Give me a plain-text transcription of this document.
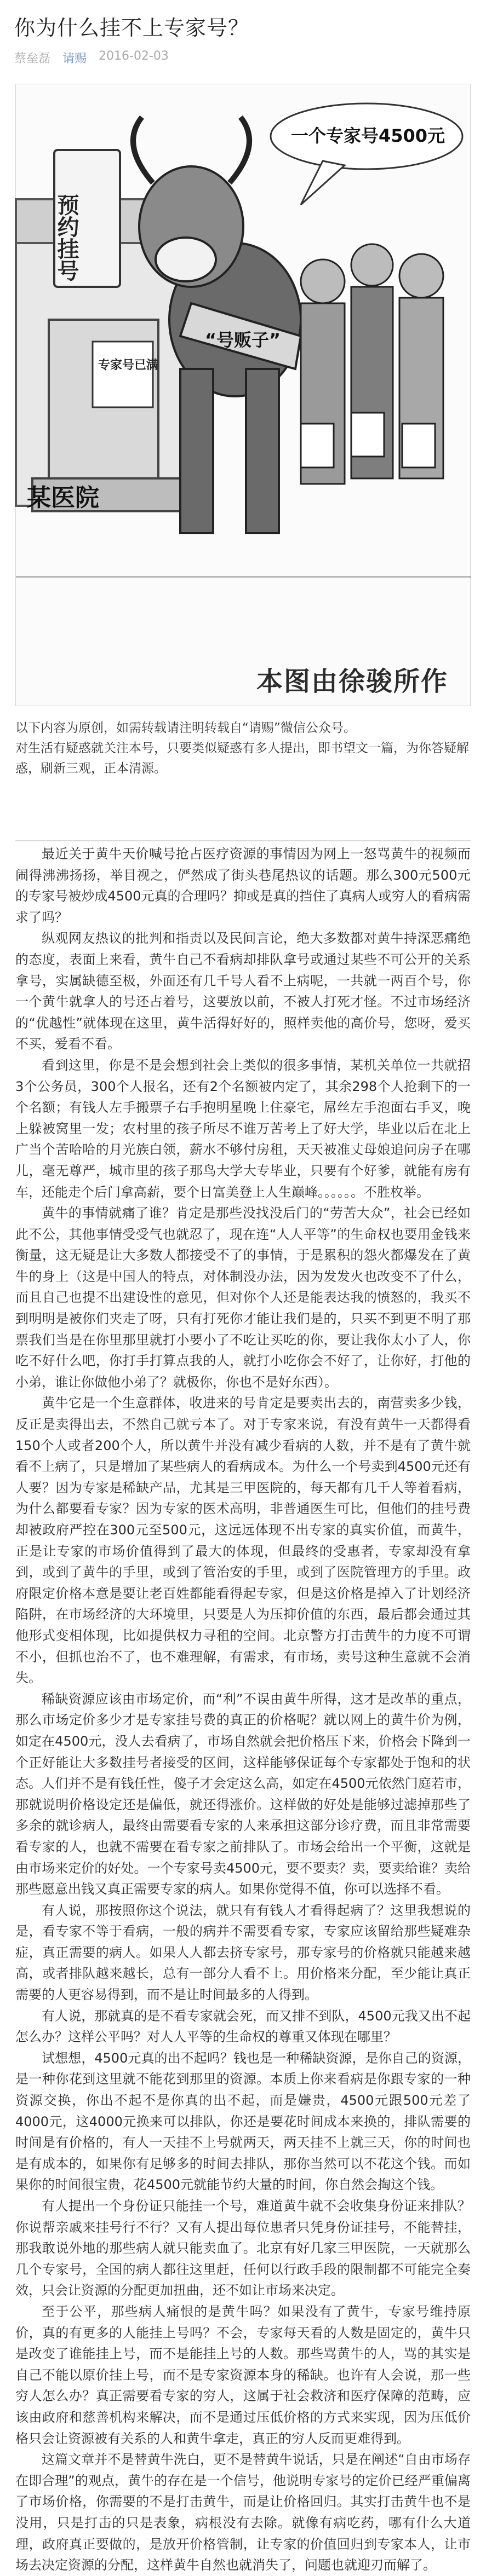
你为什么挂不上专家号？
蔡垒磊 请赐 2016-02-03
预约挂号
专家号已满
某医院
“号贩子”
一个专家号4500元
本图由徐骏所作

以下内容为原创，如需转载请注明转载自“请赐”微信公众号。

对生活有疑惑就关注本号，只要类似疑惑有多人提出，即书望文一篇，为你答疑解惑，刷新三观，正本清源。

最近关于黄牛天价喊号抢占医疗资源的事情因为网上一怒骂黄牛的视频而闹得沸沸扬扬，举目视之，俨然成了街头巷尾热议的话题。那么300元500元的专家号被炒成4500元真的合理吗？抑或是真的挡住了真病人或穷人的看病需求了吗？

纵观网友热议的批判和指责以及民间言论，绝大多数都对黄牛持深恶痛绝的态度，表面上来看，黄牛自己不看病却排队拿号或通过某些不可公开的关系拿号，实属缺德至极，外面还有几千号人看不上病呢，一共就一两百个号，你一个黄牛就拿人的号还占着号，这要放以前，不被人打死才怪。不过市场经济的“优越性”就体现在这里，黄牛活得好好的，照样卖他的高价号，您呀，爱买不买，爱看不看。

看到这里，你是不是会想到社会上类似的很多事情，某机关单位一共就招3个公务员，300个人报名，还有2个名额被内定了，其余298个人抢剩下的一个名额；有钱人左手搬票子右手抱明星晚上住豪宅，屌丝左手泡面右手叉，晚上躲被窝里一发；农村里的孩子所尽不谁万苦考上了好大学，毕业以后在北上广当个苦哈哈的月光族白领，薪水不够付房租，天天被准丈母娘追问房子在哪儿，毫无尊严，城市里的孩子那鸟大学大专毕业，只要有个好爹，就能有房有车，还能走个后门拿高薪，要个日富美登上人生巅峰。。。。。。不胜枚举。

黄牛的事情就痛了谁？肯定是那些没找没后门的“劳苦大众”，社会已经如此不公，其他事情受受气也就忍了，现在连“人人平等”的生命权也要用金钱来衡量，这无疑是让大多数人都接受不了的事情，于是累积的怨火都爆发在了黄牛的身上（这是中国人的特点，对体制没办法，因为发发火也改变不了什么，而且自己也提不出建设性的意见，但对你个人还是能表达我的愤怒的，我买不到明明是被你们夹走了呀，只有打死你才能让我们是的，只买不到更不明了那票我们当是在你里那里就打小要小了不吃让买吃的你，要让我你太小了人，你吃不好什么吧，你打手打算点我的人，就打小吃你会不好了，让你好，打他的小弟，谁让你做他小弟了？就极你，你也不是好东西）。

黄牛它是一个生意群体，收进来的号肯定是要卖出去的，南营卖多少钱，反正是卖得出去，不然自己就亏本了。对于专家来说，有没有黄牛一天都得看150个人或者200个人，所以黄牛并没有减少看病的人数，并不是有了黄牛就看不上病了，只是增加了某些病人的看病成本。为什么一个号卖到4500元还有人要？因为专家是稀缺产品，尤其是三甲医院的，每天都有几千人等着看病，为什么都要看专家？因为专家的医术高明，非普通医生可比，但他们的挂号费却被政府严控在300元至500元，这远远体现不出专家的真实价值，而黄牛，正是让专家的市场价值得到了最大的体现，但最终的受惠者，专家却没有拿到，或到了黄牛的手里，或到了管治安的手里，或到了医院管理方的手里。政府限定价格本意是要让老百姓都能看得起专家，但是这价格是掉入了计划经济陷阱，在市场经济的大环境里，只要是人为压抑价值的东西，最后都会通过其他形式变相体现，比如提供权力寻租的空间。北京警方打击黄牛的力度不可谓不小，但抓也治不了，也不难理解，有需求，有市场，卖号这种生意就不会消失。

稀缺资源应该由市场定价，而“利”不误由黄牛所得，这才是改革的重点，那么市场定价多少才是专家挂号费的真正的价格呢？就以网上的黄牛价为例，如定在4500元，没人去看病了，市场自然就会把价格压下来，价格会下降到一个正好能让大多数挂号者接受的区间，这样能够保证每个专家都处于饱和的状态。人们并不是有钱任性，傻子才会定这么高，如定在4500元依然门庭若市，那就说明价格设定还是偏低，就还得涨价。这样做的好处是能够过滤掉那些了多余的就诊病人，最终由需要看专家的人来承担这部分诊疗费，而且非常需要看专家的人，也就不需要在看专家之前排队了。市场会给出一个平衡，这就是由市场来定价的好处。一个专家号卖4500元，要不要卖？卖，要卖给谁？卖给那些愿意出钱又真正需要专家的病人。如果你觉得不值，你可以选择不看。

有人说，那按照你这个说法，就只有有钱人才看得起病了？这里我想说的是，看专家不等于看病，一般的病并不需要看专家，专家应该留给那些疑难杂症，真正需要的病人。如果人人都去挤专家号，那专家号的价格就只能越来越高，或者排队越来越长，总有一部分人看不上。用价格来分配，至少能让真正需要的人更容易得到，而不是让时间最多的人得到。

有人说，那就真的是不看专家就会死，而又排不到队，4500元我又出不起怎么办？这样公平吗？对人人平等的生命权的尊重又体现在哪里？

试想想，4500元真的出不起吗？钱也是一种稀缺资源，是你自己的资源，是一种你花到这里就不能花到那里的资源。本质上你来看病是你跟专家的一种资源交换，你出不起不是你真的出不起，而是嫌贵，4500元跟500元差了4000元，这4000元换来可以排队，你还是要花时间成本来换的，排队需要的时间是有价格的，有人一天挂不上号就两天，两天挂不上就三天，你的时间也是有成本的，如果你有足够多的时间去排队，那你当然可以不花这个钱。而如果你的时间很宝贵，花4500元就能节约大量的时间，你自然会掏这个钱。

有人提出一个身份证只能挂一个号，难道黄牛就不会收集身份证来排队？你说帮亲戚来挂号行不行？又有人提出每位患者只凭身份证挂号，不能替挂，那我敢说外地的那些病人就只能卖血了。北京有好几家三甲医院，一天就那么几个专家号，全国的病人都往这里赶，任何以行政手段的限制都不可能完全奏效，只会让资源的分配更加扭曲，还不如让市场来决定。

至于公平，那些病人痛恨的是黄牛吗？如果没有了黄牛，专家号维持原价，真的有更多的人能挂上号吗？不会，专家每天看的人数是固定的，黄牛只是改变了谁能挂上号，而不是能挂上号的人数。那些骂黄牛的人，骂的其实是自己不能以原价挂上号，而不是专家资源本身的稀缺。也许有人会说，那一些穷人怎么办？真正需要看专家的穷人，这属于社会救济和医疗保障的范畴，应该由政府和慈善机构来解决，而不是通过压低价格的方式来实现，因为压低价格只会让资源被有关系的人和黄牛拿走，真正的穷人反而更难得到。

这篇文章并不是替黄牛洗白，更不是替黄牛说话，只是在阐述“自由市场存在即合理”的观点，黄牛的存在是一个信号，他说明专家号的定价已经严重偏离了市场价格，你需要的不是打击黄牛，而是让价格回归。其实打击黄牛也不是没用，只是打击的只是表象，病根没有去除。就像有病吃药，哪有什么大道理，政府真正要做的，是放开价格管制，让专家的价值回归到专家本人，让市场去决定资源的分配，这样黄牛自然也就消失了，问题也就迎刃而解了。
